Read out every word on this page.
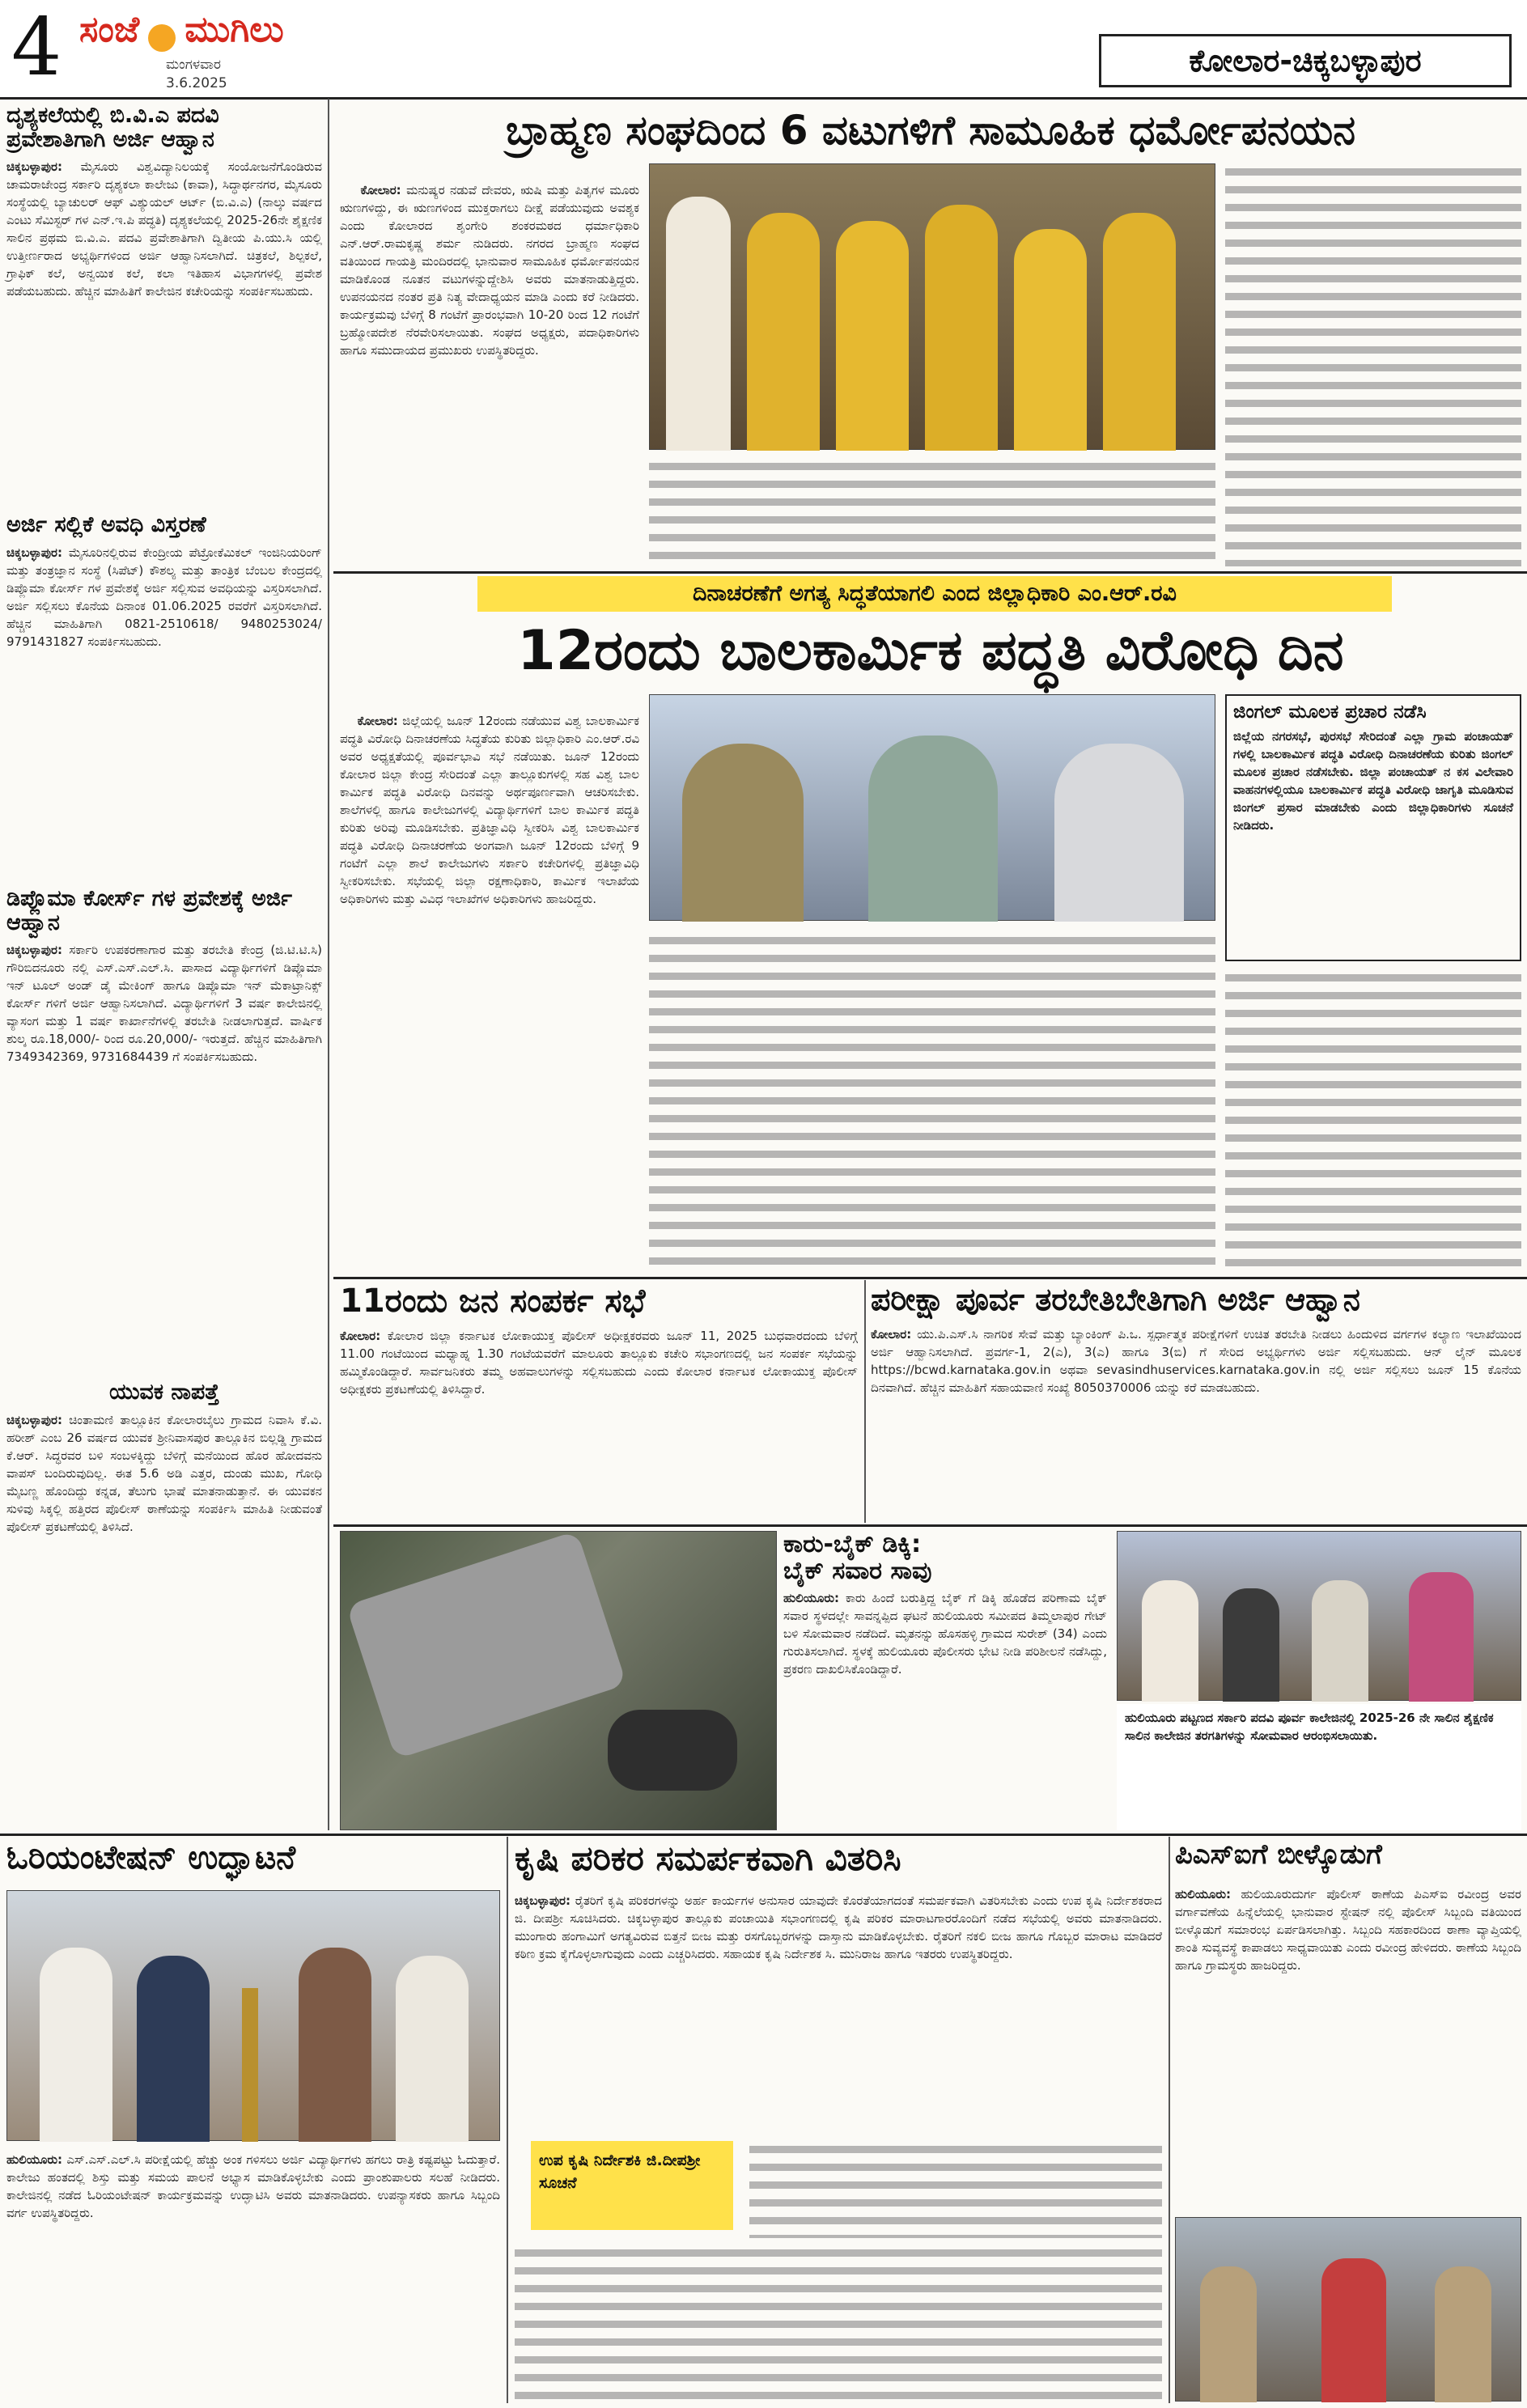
4 ಸಂಜೆ ಮುಗಿಲು
ಮಂಗಳವಾರ
3.6.2025
ಕೋಲಾರ-ಚಿಕ್ಕಬಳ್ಳಾಪುರ
ದೃಶ್ಯಕಲೆಯಲ್ಲಿ ಬಿ.ವಿ.ಎ ಪದವಿ ಪ್ರವೇಶಾತಿಗಾಗಿ ಅರ್ಜಿ ಆಹ್ವಾನ
ಚಿಕ್ಕಬಳ್ಳಾಪುರ: ಮೈಸೂರು ವಿಶ್ವವಿದ್ಯಾನಿಲಯಕ್ಕೆ ಸಂಯೋಜನೆಗೊಂಡಿರುವ ಚಾಮರಾಜೇಂದ್ರ ಸರ್ಕಾರಿ ದೃಶ್ಯಕಲಾ ಕಾಲೇಜು (ಕಾವಾ), ಸಿದ್ಧಾರ್ಥನಗರ, ಮೈಸೂರು ಸಂಸ್ಥೆಯಲ್ಲಿ ಬ್ಯಾಚುಲರ್ ಆಫ್ ವಿಶ್ಯುಯಲ್ ಆರ್ಟ್ (ಬಿ.ವಿ.ಎ) (ನಾಲ್ಕು ವರ್ಷದ ಎಂಟು ಸೆಮಿಸ್ಟರ್ ಗಳ ಎನ್.ಇ.ಪಿ ಪದ್ಧತಿ) ದೃಶ್ಯಕಲೆಯಲ್ಲಿ 2025-26ನೇ ಶೈಕ್ಷಣಿಕ ಸಾಲಿನ ಪ್ರಥಮ ಬಿ.ವಿ.ಎ. ಪದವಿ ಪ್ರವೇಶಾತಿಗಾಗಿ ದ್ವಿತೀಯ ಪಿ.ಯು.ಸಿ ಯಲ್ಲಿ ಉತ್ತೀರ್ಣರಾದ ಅಭ್ಯರ್ಥಿಗಳಿಂದ ಅರ್ಜಿ ಆಹ್ವಾನಿಸಲಾಗಿದೆ. ಚಿತ್ರಕಲೆ, ಶಿಲ್ಪಕಲೆ, ಗ್ರಾಫಿಕ್ ಕಲೆ, ಅನ್ವಯಿಕ ಕಲೆ, ಕಲಾ ಇತಿಹಾಸ ವಿಭಾಗಗಳಲ್ಲಿ ಪ್ರವೇಶ ಪಡೆಯಬಹುದು. ಹೆಚ್ಚಿನ ಮಾಹಿತಿಗೆ ಕಾಲೇಜಿನ ಕಚೇರಿಯನ್ನು ಸಂಪರ್ಕಿಸಬಹುದು.
ಅರ್ಜಿ ಸಲ್ಲಿಕೆ ಅವಧಿ ವಿಸ್ತರಣೆ
ಚಿಕ್ಕಬಳ್ಳಾಪುರ: ಮೈಸೂರಿನಲ್ಲಿರುವ ಕೇಂದ್ರೀಯ ಪೆಟ್ರೋಕೆಮಿಕಲ್ ಇಂಜಿನಿಯರಿಂಗ್ ಮತ್ತು ತಂತ್ರಜ್ಞಾನ ಸಂಸ್ಥೆ (ಸಿಪೆಟ್) ಕೌಶಲ್ಯ ಮತ್ತು ತಾಂತ್ರಿಕ ಬೆಂಬಲ ಕೇಂದ್ರದಲ್ಲಿ ಡಿಪ್ಲೊಮಾ ಕೋರ್ಸ್ ಗಳ ಪ್ರವೇಶಕ್ಕೆ ಅರ್ಜಿ ಸಲ್ಲಿಸುವ ಅವಧಿಯನ್ನು ವಿಸ್ತರಿಸಲಾಗಿದೆ. ಅರ್ಜಿ ಸಲ್ಲಿಸಲು ಕೊನೆಯ ದಿನಾಂಕ 01.06.2025 ರವರೆಗೆ ವಿಸ್ತರಿಸಲಾಗಿದೆ. ಹೆಚ್ಚಿನ ಮಾಹಿತಿಗಾಗಿ 0821-2510618/ 9480253024/ 9791431827 ಸಂಪರ್ಕಿಸಬಹುದು.
ಡಿಪ್ಲೊಮಾ ಕೋರ್ಸ್ ಗಳ ಪ್ರವೇಶಕ್ಕೆ ಅರ್ಜಿ ಆಹ್ವಾನ
ಚಿಕ್ಕಬಳ್ಳಾಪುರ: ಸರ್ಕಾರಿ ಉಪಕರಣಾಗಾರ ಮತ್ತು ತರಬೇತಿ ಕೇಂದ್ರ (ಜಿ.ಟಿ.ಟಿ.ಸಿ) ಗೌರಿಬಿದನೂರು ನಲ್ಲಿ ಎಸ್.ಎಸ್.ಎಲ್.ಸಿ. ಪಾಸಾದ ವಿದ್ಯಾರ್ಥಿಗಳಿಗೆ ಡಿಪ್ಲೊಮಾ ಇನ್ ಟೂಲ್ ಅಂಡ್ ಡೈ ಮೇಕಿಂಗ್ ಹಾಗೂ ಡಿಪ್ಲೊಮಾ ಇನ್ ಮೆಕಾಟ್ರಾನಿಕ್ಸ್ ಕೋರ್ಸ್ ಗಳಿಗೆ ಅರ್ಜಿ ಆಹ್ವಾನಿಸಲಾಗಿದೆ. ವಿದ್ಯಾರ್ಥಿಗಳಿಗೆ 3 ವರ್ಷ ಕಾಲೇಜಿನಲ್ಲಿ ವ್ಯಾಸಂಗ ಮತ್ತು 1 ವರ್ಷ ಕಾರ್ಖಾನೆಗಳಲ್ಲಿ ತರಬೇತಿ ನೀಡಲಾಗುತ್ತದೆ. ವಾರ್ಷಿಕ ಶುಲ್ಕ ರೂ.18,000/- ರಿಂದ ರೂ.20,000/- ಇರುತ್ತದೆ. ಹೆಚ್ಚಿನ ಮಾಹಿತಿಗಾಗಿ 7349342369, 9731684439 ಗೆ ಸಂಪರ್ಕಿಸಬಹುದು.
ಯುವಕ ನಾಪತ್ತೆ
ಚಿಕ್ಕಬಳ್ಳಾಪುರ: ಚಿಂತಾಮಣಿ ತಾಲ್ಲೂಕಿನ ಕೋಲಾರಬೈಲು ಗ್ರಾಮದ ನಿವಾಸಿ ಕೆ.ವಿ. ಹರೀಶ್ ಎಂಬ 26 ವರ್ಷದ ಯುವಕ ಶ್ರೀನಿವಾಸಪುರ ತಾಲ್ಲೂಕಿನ ಬಿಲ್ಲಡ್ಡಿ ಗ್ರಾಮದ ಕೆ.ಆರ್. ಸಿದ್ಧರವರ ಬಳಿ ಸಂಬಳಕ್ಕಿದ್ದು ಬೆಳಿಗ್ಗೆ ಮನೆಯಿಂದ ಹೊರ ಹೋದವನು ವಾಪಸ್ ಬಂದಿರುವುದಿಲ್ಲ. ಈತ 5.6 ಅಡಿ ಎತ್ತರ, ದುಂಡು ಮುಖ, ಗೋಧಿ ಮೈಬಣ್ಣ ಹೊಂದಿದ್ದು ಕನ್ನಡ, ತೆಲುಗು ಭಾಷೆ ಮಾತನಾಡುತ್ತಾನೆ. ಈ ಯುವಕನ ಸುಳಿವು ಸಿಕ್ಕಲ್ಲಿ ಹತ್ತಿರದ ಪೊಲೀಸ್ ಠಾಣೆಯನ್ನು ಸಂಪರ್ಕಿಸಿ ಮಾಹಿತಿ ನೀಡುವಂತೆ ಪೊಲೀಸ್ ಪ್ರಕಟಣೆಯಲ್ಲಿ ತಿಳಿಸಿದೆ.
ಬ್ರಾಹ್ಮಣ ಸಂಘದಿಂದ 6 ವಟುಗಳಿಗೆ ಸಾಮೂಹಿಕ ಧರ್ಮೋಪನಯನ

ಕೋಲಾರ: ಮನುಷ್ಯರ ನಡುವೆ ದೇವರು, ಋಷಿ ಮತ್ತು ಪಿತೃಗಳ ಮೂರು ಋಣಗಳಿದ್ದು, ಈ ಋಣಗಳಿಂದ ಮುಕ್ತರಾಗಲು ದೀಕ್ಷೆ ಪಡೆಯುವುದು ಅವಶ್ಯಕ ಎಂದು ಕೋಲಾರದ ಶೃಂಗೇರಿ ಶಂಕರಮಠದ ಧರ್ಮಾಧಿಕಾರಿ ಎನ್.ಆರ್.ರಾಮಕೃಷ್ಣ ಶರ್ಮ ನುಡಿದರು. ನಗರದ ಬ್ರಾಹ್ಮಣ ಸಂಘದ ವತಿಯಿಂದ ಗಾಯತ್ರಿ ಮಂದಿರದಲ್ಲಿ ಭಾನುವಾರ ಸಾಮೂಹಿಕ ಧರ್ಮೋಪನಯನ ಮಾಡಿಕೊಂಡ ನೂತನ ವಟುಗಳನ್ನುದ್ದೇಶಿಸಿ ಅವರು ಮಾತನಾಡುತ್ತಿದ್ದರು. ಉಪನಯನದ ನಂತರ ಪ್ರತಿ ನಿತ್ಯ ವೇದಾಧ್ಯಯನ ಮಾಡಿ ಎಂದು ಕರೆ ನೀಡಿದರು. ಕಾರ್ಯಕ್ರಮವು ಬೆಳಿಗ್ಗೆ 8 ಗಂಟೆಗೆ ಪ್ರಾರಂಭವಾಗಿ 10-20 ರಿಂದ 12 ಗಂಟೆಗೆ ಬ್ರಹ್ಮೋಪದೇಶ ನೆರವೇರಿಸಲಾಯಿತು. ಸಂಘದ ಅಧ್ಯಕ್ಷರು, ಪದಾಧಿಕಾರಿಗಳು ಹಾಗೂ ಸಮುದಾಯದ ಪ್ರಮುಖರು ಉಪಸ್ಥಿತರಿದ್ದರು.

ದಿನಾಚರಣೆಗೆ ಅಗತ್ಯ ಸಿದ್ಧತೆಯಾಗಲಿ ಎಂದ ಜಿಲ್ಲಾಧಿಕಾರಿ ಎಂ.ಆರ್.ರವಿ
12ರಂದು ಬಾಲಕಾರ್ಮಿಕ ಪದ್ಧತಿ ವಿರೋಧಿ ದಿನ

ಕೋಲಾರ: ಜಿಲ್ಲೆಯಲ್ಲಿ ಜೂನ್ 12ರಂದು ನಡೆಯುವ ವಿಶ್ವ ಬಾಲಕಾರ್ಮಿಕ ಪದ್ಧತಿ ವಿರೋಧಿ ದಿನಾಚರಣೆಯ ಸಿದ್ಧತೆಯ ಕುರಿತು ಜಿಲ್ಲಾಧಿಕಾರಿ ಎಂ.ಆರ್.ರವಿ ಅವರ ಅಧ್ಯಕ್ಷತೆಯಲ್ಲಿ ಪೂರ್ವಭಾವಿ ಸಭೆ ನಡೆಯಿತು. ಜೂನ್ 12ರಂದು ಕೋಲಾರ ಜಿಲ್ಲಾ ಕೇಂದ್ರ ಸೇರಿದಂತೆ ಎಲ್ಲಾ ತಾಲ್ಲೂಕುಗಳಲ್ಲಿ ಸಹ ವಿಶ್ವ ಬಾಲ ಕಾರ್ಮಿಕ ಪದ್ಧತಿ ವಿರೋಧಿ ದಿನವನ್ನು ಅರ್ಥಪೂರ್ಣವಾಗಿ ಆಚರಿಸಬೇಕು. ಶಾಲೆಗಳಲ್ಲಿ ಹಾಗೂ ಕಾಲೇಜುಗಳಲ್ಲಿ ವಿದ್ಯಾರ್ಥಿಗಳಿಗೆ ಬಾಲ ಕಾರ್ಮಿಕ ಪದ್ಧತಿ ಕುರಿತು ಅರಿವು ಮೂಡಿಸಬೇಕು. ಪ್ರತಿಜ್ಞಾವಿಧಿ ಸ್ವೀಕರಿಸಿ ವಿಶ್ವ ಬಾಲಕಾರ್ಮಿಕ ಪದ್ಧತಿ ವಿರೋಧಿ ದಿನಾಚರಣೆಯ ಅಂಗವಾಗಿ ಜೂನ್ 12ರಂದು ಬೆಳಿಗ್ಗೆ 9 ಗಂಟೆಗೆ ಎಲ್ಲಾ ಶಾಲೆ ಕಾಲೇಜುಗಳು ಸರ್ಕಾರಿ ಕಚೇರಿಗಳಲ್ಲಿ ಪ್ರತಿಜ್ಞಾವಿಧಿ ಸ್ವೀಕರಿಸಬೇಕು. ಸಭೆಯಲ್ಲಿ ಜಿಲ್ಲಾ ರಕ್ಷಣಾಧಿಕಾರಿ, ಕಾರ್ಮಿಕ ಇಲಾಖೆಯ ಅಧಿಕಾರಿಗಳು ಮತ್ತು ವಿವಿಧ ಇಲಾಖೆಗಳ ಅಧಿಕಾರಿಗಳು ಹಾಜರಿದ್ದರು.

ಜಿಂಗಲ್ ಮೂಲಕ ಪ್ರಚಾರ ನಡೆಸಿ
ಜಿಲ್ಲೆಯ ನಗರಸಭೆ, ಪುರಸಭೆ ಸೇರಿದಂತೆ ಎಲ್ಲಾ ಗ್ರಾಮ ಪಂಚಾಯತ್ ಗಳಲ್ಲಿ ಬಾಲಕಾರ್ಮಿಕ ಪದ್ಧತಿ ವಿರೋಧಿ ದಿನಾಚರಣೆಯ ಕುರಿತು ಜಿಂಗಲ್ ಮೂಲಕ ಪ್ರಚಾರ ನಡೆಸಬೇಕು. ಜಿಲ್ಲಾ ಪಂಚಾಯತ್ ನ ಕಸ ವಿಲೇವಾರಿ ವಾಹನಗಳಲ್ಲಿಯೂ ಬಾಲಕಾರ್ಮಿಕ ಪದ್ಧತಿ ವಿರೋಧಿ ಜಾಗೃತಿ ಮೂಡಿಸುವ ಜಿಂಗಲ್ ಪ್ರಸಾರ ಮಾಡಬೇಕು ಎಂದು ಜಿಲ್ಲಾಧಿಕಾರಿಗಳು ಸೂಚನೆ ನೀಡಿದರು.
11ರಂದು ಜನ ಸಂಪರ್ಕ ಸಭೆ
ಕೋಲಾರ: ಕೋಲಾರ ಜಿಲ್ಲಾ ಕರ್ನಾಟಕ ಲೋಕಾಯುಕ್ತ ಪೊಲೀಸ್ ಅಧೀಕ್ಷಕರವರು ಜೂನ್ 11, 2025 ಬುಧವಾರದಂದು ಬೆಳಿಗ್ಗೆ 11.00 ಗಂಟೆಯಿಂದ ಮಧ್ಯಾಹ್ನ 1.30 ಗಂಟೆಯವರೆಗೆ ಮಾಲೂರು ತಾಲ್ಲೂಕು ಕಚೇರಿ ಸಭಾಂಗಣದಲ್ಲಿ ಜನ ಸಂಪರ್ಕ ಸಭೆಯನ್ನು ಹಮ್ಮಿಕೊಂಡಿದ್ದಾರೆ. ಸಾರ್ವಜನಿಕರು ತಮ್ಮ ಅಹವಾಲುಗಳನ್ನು ಸಲ್ಲಿಸಬಹುದು ಎಂದು ಕೋಲಾರ ಕರ್ನಾಟಕ ಲೋಕಾಯುಕ್ತ ಪೊಲೀಸ್ ಅಧೀಕ್ಷಕರು ಪ್ರಕಟಣೆಯಲ್ಲಿ ತಿಳಿಸಿದ್ದಾರೆ.
ಪರೀಕ್ಷಾ ಪೂರ್ವ ತರಬೇತಿಬೇತಿಗಾಗಿ ಅರ್ಜಿ ಆಹ್ವಾನ
ಕೋಲಾರ: ಯು.ಪಿ.ಎಸ್.ಸಿ ನಾಗರಿಕ ಸೇವೆ ಮತ್ತು ಬ್ಯಾಂಕಿಂಗ್ ಪಿ.ಒ. ಸ್ಪರ್ಧಾತ್ಮಕ ಪರೀಕ್ಷೆಗಳಿಗೆ ಉಚಿತ ತರಬೇತಿ ನೀಡಲು ಹಿಂದುಳಿದ ವರ್ಗಗಳ ಕಲ್ಯಾಣ ಇಲಾಖೆಯಿಂದ ಅರ್ಜಿ ಆಹ್ವಾನಿಸಲಾಗಿದೆ. ಪ್ರವರ್ಗ-1, 2(ಎ), 3(ಎ) ಹಾಗೂ 3(ಬಿ) ಗೆ ಸೇರಿದ ಅಭ್ಯರ್ಥಿಗಳು ಅರ್ಜಿ ಸಲ್ಲಿಸಬಹುದು. ಆನ್ ಲೈನ್ ಮೂಲಕ https://bcwd.karnataka.gov.in ಅಥವಾ sevasindhuservices.karnataka.gov.in ನಲ್ಲಿ ಅರ್ಜಿ ಸಲ್ಲಿಸಲು ಜೂನ್ 15 ಕೊನೆಯ ದಿನವಾಗಿದೆ. ಹೆಚ್ಚಿನ ಮಾಹಿತಿಗೆ ಸಹಾಯವಾಣಿ ಸಂಖ್ಯೆ 8050370006 ಯನ್ನು ಕರೆ ಮಾಡಬಹುದು.
ಕಾರು-ಬೈಕ್ ಡಿಕ್ಕಿ:
ಬೈಕ್ ಸವಾರ ಸಾವು
ಹುಲಿಯೂರು: ಕಾರು ಹಿಂದೆ ಬರುತ್ತಿದ್ದ ಬೈಕ್ ಗೆ ಡಿಕ್ಕಿ ಹೊಡೆದ ಪರಿಣಾಮ ಬೈಕ್ ಸವಾರ ಸ್ಥಳದಲ್ಲೇ ಸಾವನ್ನಪ್ಪಿದ ಘಟನೆ ಹುಲಿಯೂರು ಸಮೀಪದ ತಿಮ್ಮಲಾಪುರ ಗೇಟ್ ಬಳಿ ಸೋಮವಾರ ನಡೆದಿದೆ. ಮೃತನನ್ನು ಹೊಸಹಳ್ಳಿ ಗ್ರಾಮದ ಸುರೇಶ್ (34) ಎಂದು ಗುರುತಿಸಲಾಗಿದೆ. ಸ್ಥಳಕ್ಕೆ ಹುಲಿಯೂರು ಪೊಲೀಸರು ಭೇಟಿ ನೀಡಿ ಪರಿಶೀಲನೆ ನಡೆಸಿದ್ದು, ಪ್ರಕರಣ ದಾಖಲಿಸಿಕೊಂಡಿದ್ದಾರೆ.
ಹುಲಿಯೂರು ಪಟ್ಟಣದ ಸರ್ಕಾರಿ ಪದವಿ ಪೂರ್ವ ಕಾಲೇಜಿನಲ್ಲಿ 2025-26 ನೇ ಸಾಲಿನ ಶೈಕ್ಷಣಿಕ ಸಾಲಿನ ಕಾಲೇಜಿನ ತರಗತಿಗಳನ್ನು ಸೋಮವಾರ ಆರಂಭಿಸಲಾಯಿತು.
ಓರಿಯಂಟೇಷನ್ ಉದ್ಘಾಟನೆ
ಹುಲಿಯೂರು: ಎಸ್.ಎಸ್.ಎಲ್.ಸಿ ಪರೀಕ್ಷೆಯಲ್ಲಿ ಹೆಚ್ಚು ಅಂಕ ಗಳಿಸಲು ಅರ್ಜಿ ವಿದ್ಯಾರ್ಥಿಗಳು ಹಗಲು ರಾತ್ರಿ ಕಷ್ಟಪಟ್ಟು ಓದುತ್ತಾರೆ. ಕಾಲೇಜು ಹಂತದಲ್ಲಿ ಶಿಸ್ತು ಮತ್ತು ಸಮಯ ಪಾಲನೆ ಅಭ್ಯಾಸ ಮಾಡಿಕೊಳ್ಳಬೇಕು ಎಂದು ಪ್ರಾಂಶುಪಾಲರು ಸಲಹೆ ನೀಡಿದರು. ಕಾಲೇಜಿನಲ್ಲಿ ನಡೆದ ಓರಿಯಂಟೇಷನ್ ಕಾರ್ಯಕ್ರಮವನ್ನು ಉದ್ಘಾಟಿಸಿ ಅವರು ಮಾತನಾಡಿದರು. ಉಪನ್ಯಾಸಕರು ಹಾಗೂ ಸಿಬ್ಬಂದಿ ವರ್ಗ ಉಪಸ್ಥಿತರಿದ್ದರು.
ಕೃಷಿ ಪರಿಕರ ಸಮರ್ಪಕವಾಗಿ ವಿತರಿಸಿ
ಚಿಕ್ಕಬಳ್ಳಾಪುರ: ರೈತರಿಗೆ ಕೃಷಿ ಪರಿಕರಗಳನ್ನು ಅರ್ಹ ಕಾರ್ಯಗಳ ಅನುಸಾರ ಯಾವುದೇ ಕೊರತೆಯಾಗದಂತೆ ಸಮರ್ಪಕವಾಗಿ ವಿತರಿಸಬೇಕು ಎಂದು ಉಪ ಕೃಷಿ ನಿರ್ದೇಶಕರಾದ ಜಿ. ದೀಪಶ್ರೀ ಸೂಚಿಸಿದರು. ಚಿಕ್ಕಬಳ್ಳಾಪುರ ತಾಲ್ಲೂಕು ಪಂಚಾಯಿತಿ ಸಭಾಂಗಣದಲ್ಲಿ ಕೃಷಿ ಪರಿಕರ ಮಾರಾಟಗಾರರೊಂದಿಗೆ ನಡೆದ ಸಭೆಯಲ್ಲಿ ಅವರು ಮಾತನಾಡಿದರು. ಮುಂಗಾರು ಹಂಗಾಮಿಗೆ ಅಗತ್ಯವಿರುವ ಬಿತ್ತನೆ ಬೀಜ ಮತ್ತು ರಸಗೊಬ್ಬರಗಳನ್ನು ದಾಸ್ತಾನು ಮಾಡಿಕೊಳ್ಳಬೇಕು. ರೈತರಿಗೆ ನಕಲಿ ಬೀಜ ಹಾಗೂ ಗೊಬ್ಬರ ಮಾರಾಟ ಮಾಡಿದರೆ ಕಠಿಣ ಕ್ರಮ ಕೈಗೊಳ್ಳಲಾಗುವುದು ಎಂದು ಎಚ್ಚರಿಸಿದರು. ಸಹಾಯಕ ಕೃಷಿ ನಿರ್ದೇಶಕ ಸಿ. ಮುನಿರಾಜ ಹಾಗೂ ಇತರರು ಉಪಸ್ಥಿತರಿದ್ದರು.
ಉಪ ಕೃಷಿ ನಿರ್ದೇಶಕಿ ಜಿ.ದೀಪಶ್ರೀ ಸೂಚನೆ
ಪಿಎಸ್ಐಗೆ ಬೀಳ್ಕೊಡುಗೆ
ಹುಲಿಯೂರು: ಹುಲಿಯೂರುದುರ್ಗ ಪೊಲೀಸ್ ಠಾಣೆಯ ಪಿಎಸ್ಐ ರವೀಂದ್ರ ಅವರ ವರ್ಗಾವಣೆಯ ಹಿನ್ನೆಲೆಯಲ್ಲಿ ಭಾನುವಾರ ಸ್ಟೇಷನ್ ನಲ್ಲಿ ಪೊಲೀಸ್ ಸಿಬ್ಬಂದಿ ವತಿಯಿಂದ ಬೀಳ್ಕೊಡುಗೆ ಸಮಾರಂಭ ಏರ್ಪಡಿಸಲಾಗಿತ್ತು. ಸಿಬ್ಬಂದಿ ಸಹಕಾರದಿಂದ ಠಾಣಾ ವ್ಯಾಪ್ತಿಯಲ್ಲಿ ಶಾಂತಿ ಸುವ್ಯವಸ್ಥೆ ಕಾಪಾಡಲು ಸಾಧ್ಯವಾಯಿತು ಎಂದು ರವೀಂದ್ರ ಹೇಳಿದರು. ಠಾಣೆಯ ಸಿಬ್ಬಂದಿ ಹಾಗೂ ಗ್ರಾಮಸ್ಥರು ಹಾಜರಿದ್ದರು.
